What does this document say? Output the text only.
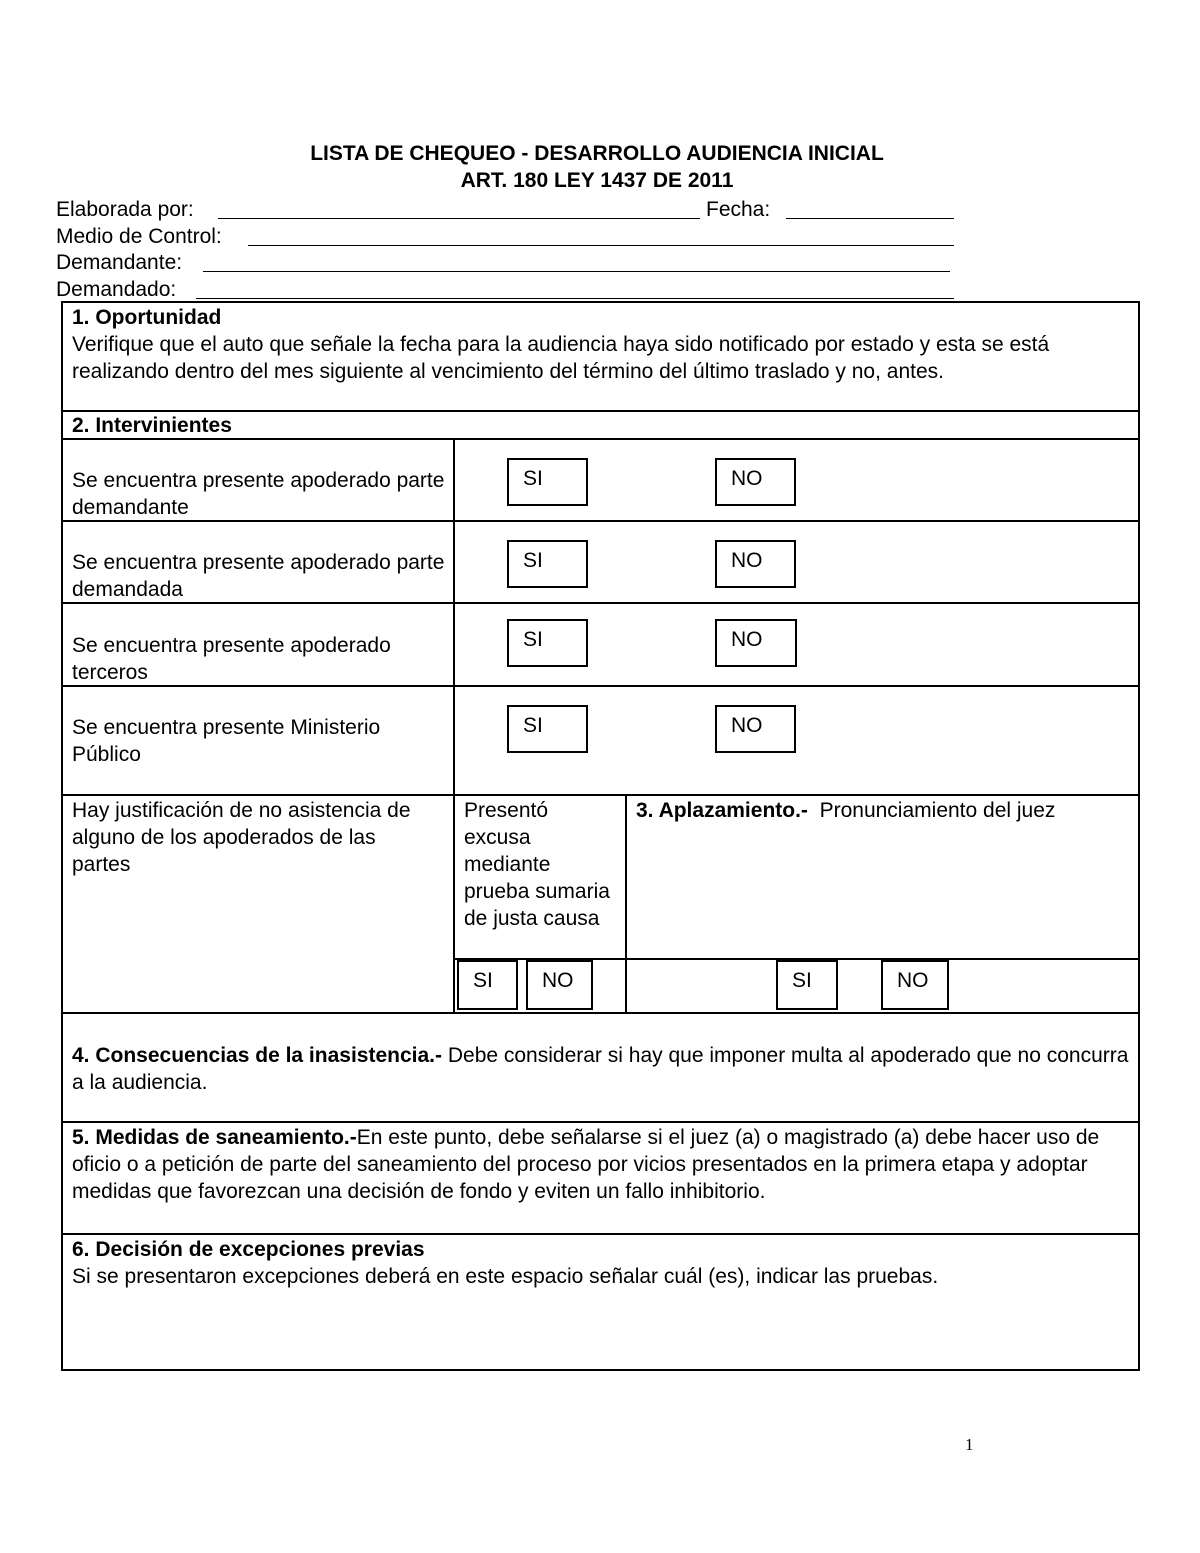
LISTA DE CHEQUEO - DESARROLLO AUDIENCIA INICIAL
ART. 180 LEY 1437 DE 2011
Elaborada por:	Fecha:
Medio de Control:
Demandante:
Demandado:
1. Oportunidad
Verifique que el auto que señale la fecha para la audiencia haya sido notificado por estado y esta se está realizando dentro del mes siguiente al vencimiento del término del último traslado y no, antes.
2. Intervinientes
Se encuentra presente apoderado parte demandante
SI	NO
Se encuentra presente apoderado parte demandada
SI	NO
Se encuentra presente apoderado terceros
SI	NO
Se encuentra presente Ministerio Público
SI	NO
Hay justificación de no asistencia de alguno de los apoderados de las partes
Presentó excusa mediante prueba sumaria de justa causa
3. Aplazamiento.- Pronunciamiento del juez
SI	NO	SI	NO
4. Consecuencias de la inasistencia.- Debe considerar si hay que imponer multa al apoderado que no concurra a la audiencia.
5. Medidas de saneamiento.-En este punto, debe señalarse si el juez (a) o magistrado (a) debe hacer uso de oficio o a petición de parte del saneamiento del proceso por vicios presentados en la primera etapa y adoptar medidas que favorezcan una decisión de fondo y eviten un fallo inhibitorio.
6. Decisión de excepciones previas
Si se presentaron excepciones deberá en este espacio señalar cuál (es), indicar las pruebas.
1
